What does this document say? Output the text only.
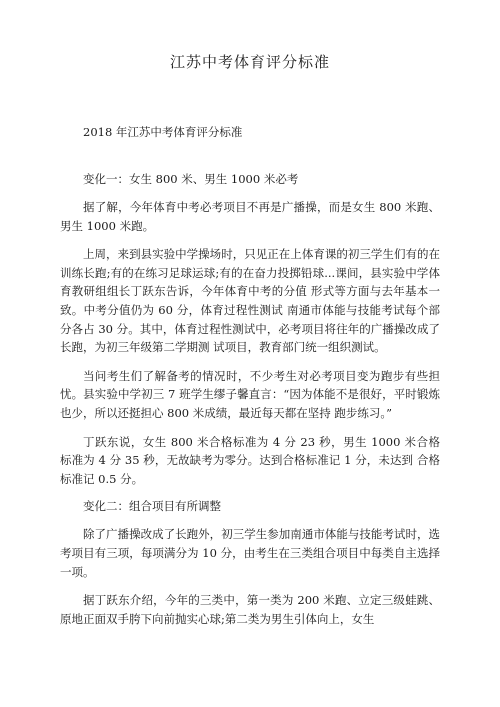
江苏中考体育评分标准

2018 年江苏中考体育评分标准

变化一：女生 800 米、男生 1000 米必考

据了解，今年体育中考必考项目不再是广播操，而是女生 800 米跑、男生 1000 米跑。

上周，来到县实验中学操场时，只见正在上体育课的初三学生们有的在训练长跑;有的在练习足球运球;有的在奋力投掷铅球...课间，县实验中学体育教研组组长丁跃东告诉，今年体育中考的分值 形式等方面与去年基本一致。中考分值仍为 60 分，体育过程性测试 南通市体能与技能考试每个部分各占 30 分。其中，体育过程性测试中，必考项目将往年的广播操改成了长跑，为初三年级第二学期测 试项目，教育部门统一组织测试。

当问考生们了解备考的情况时，不少考生对必考项目变为跑步有些担忧。县实验中学初三 7 班学生缪子馨直言：“因为体能不是很好，平时锻炼也少，所以还挺担心 800 米成绩，最近每天都在坚持 跑步练习。”

丁跃东说，女生 800 米合格标准为 4 分 23 秒，男生 1000 米合格 标准为 4 分 35 秒，无故缺考为零分。达到合格标准记 1 分，未达到 合格标准记 0.5 分。

变化二：组合项目有所调整

除了广播操改成了长跑外，初三学生参加南通市体能与技能考试时，选考项目有三项，每项满分为 10 分，由考生在三类组合项目中每类自主选择一项。

据丁跃东介绍，今年的三类中，第一类为 200 米跑、立定三级蛙跳、原地正面双手胯下向前抛实心球;第二类为男生引体向上，女生
